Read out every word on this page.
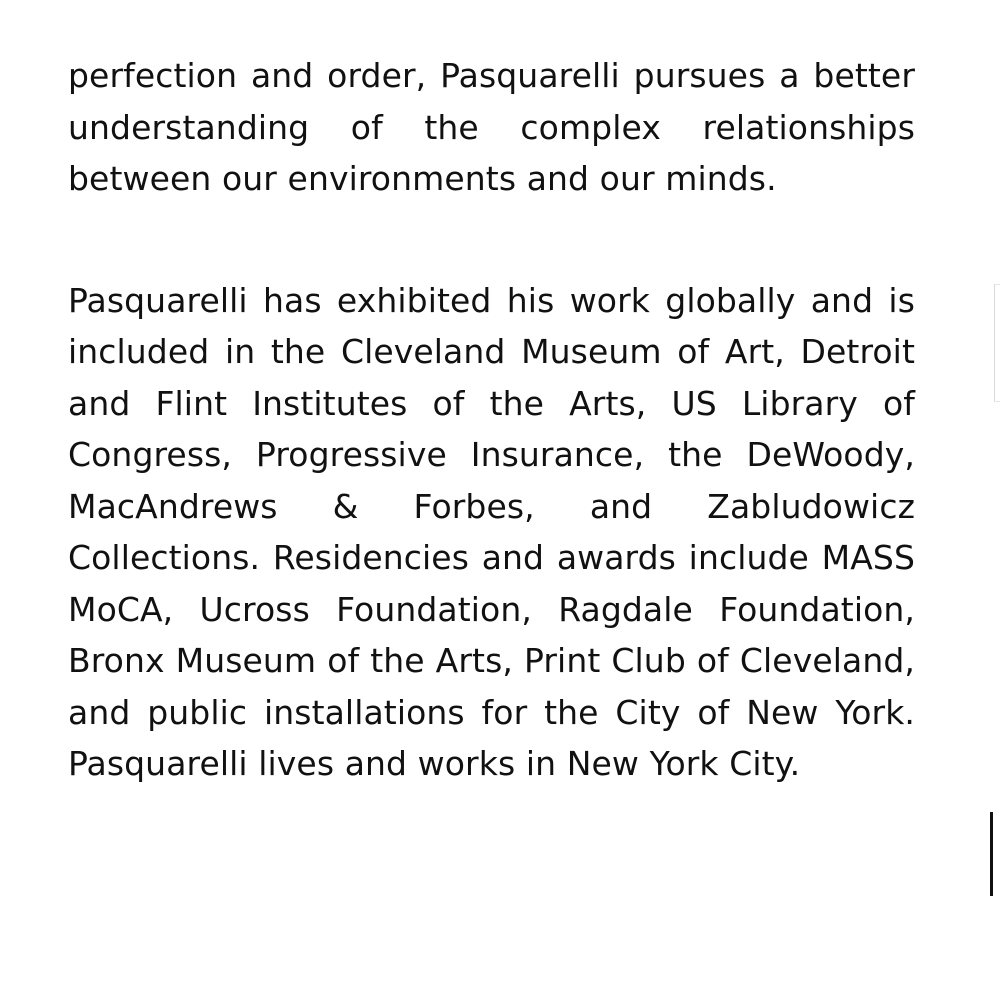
perfection and order, Pasquarelli pursues a better understanding of the complex relationships between our environments and our minds.

Pasquarelli has exhibited his work globally and is included in the Cleveland Museum of Art, Detroit and Flint Institutes of the Arts, US Library of Congress, Progressive Insurance, the DeWoody, MacAndrews & Forbes, and Zabludowicz Collections. Residencies and awards include MASS MoCA, Ucross Foundation, Ragdale Foundation, Bronx Museum of the Arts, Print Club of Cleveland, and public installations for the City of New York. Pasquarelli lives and works in New York City.
